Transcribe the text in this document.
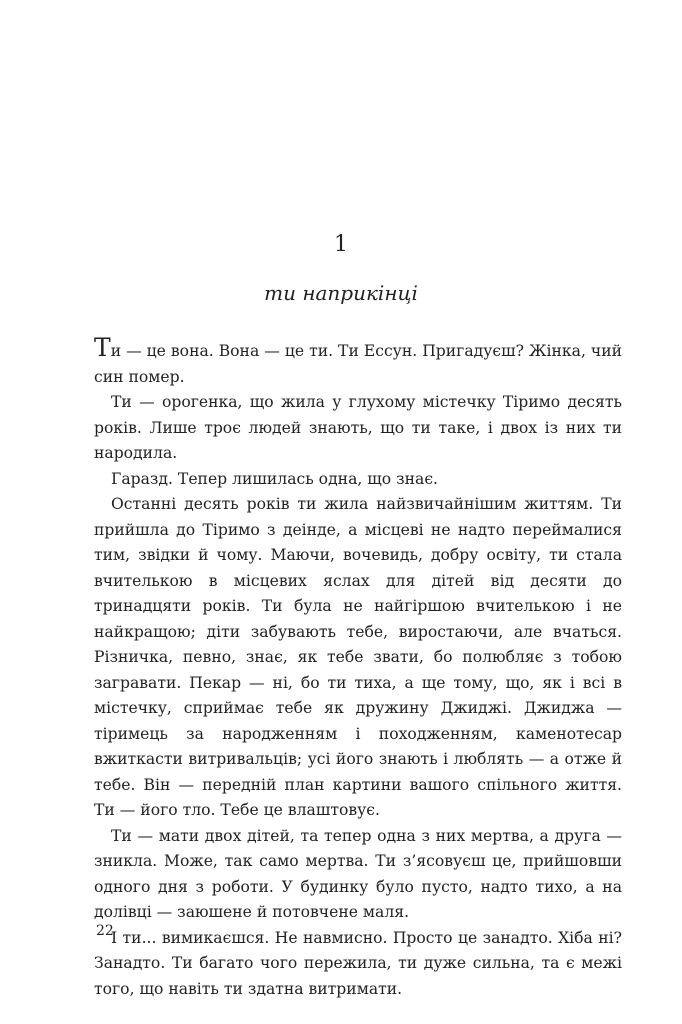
1
ти наприкінці

Ти — це вона. Вона — це ти. Ти Ессун. Пригадуєш? Жінка, чий син помер.

Ти — орогенка, що жила у глухому містечку Тіримо десять років. Лише троє людей знають, що ти таке, і двох із них ти народила.

Гаразд. Тепер лишилась одна, що знає.

Останні десять років ти жила найзвичайнішим життям. Ти прийшла до Тіримо з деінде, а місцеві не надто переймалися тим, звідки й чому. Маючи, вочевидь, добру освіту, ти стала вчителькою в місцевих яслах для дітей від десяти до тринадцяти років. Ти була не найгіршою вчителькою і не найкращою; діти забувають тебе, виростаючи, але вчаться. Різничка, певно, знає, як тебе звати, бо полюбляє з тобою загравати. Пекар — ні, бо ти тиха, а ще тому, що, як і всі в містечку, сприймає тебе як дружину Джиджі. Джиджа — тіримець за народженням і походженням, каменотесар вжиткасти витривальців; усі його знають і люблять — а отже й тебе. Він — передній план картини вашого спільного життя. Ти — його тло. Тебе це влаштовує.

Ти — мати двох дітей, та тепер одна з них мертва, а друга — зникла. Може, так само мертва. Ти з’ясовуєш це, прийшовши одного дня з роботи. У будинку було пусто, надто тихо, а на долівці — заюшене й потовчене маля.

І ти... вимикаєшся. Не навмисно. Просто це занадто. Хіба ні? Занадто. Ти багато чого пережила, ти дуже сильна, та є межі того, що навіть ти здатна витримати.

22
